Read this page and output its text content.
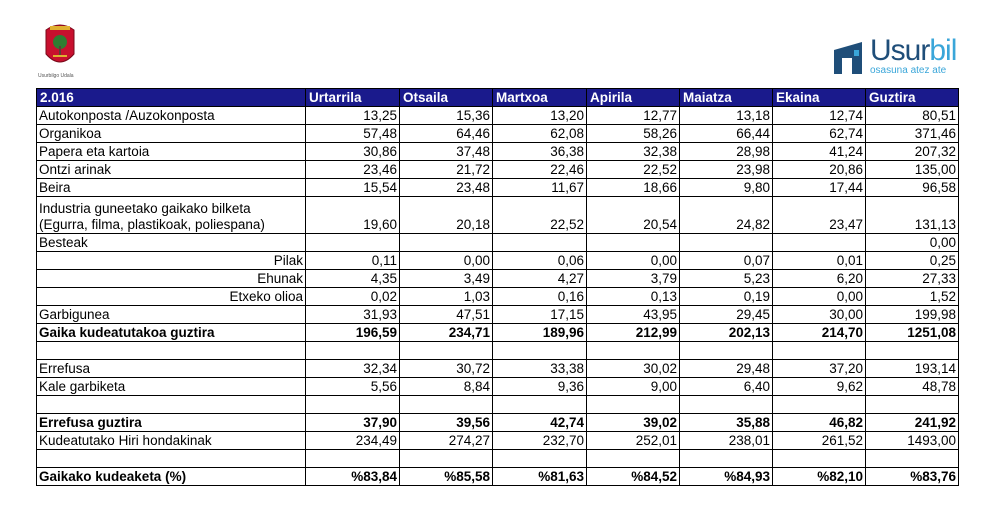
Usurbilgo Udala
Usurbil
osasuna atez ate
2.016	Urtarrila	Otsaila	Martxoa	Apirila	Maiatza	Ekaina	Guztira
Autokonposta /Auzokonposta	13,25	15,36	13,20	12,77	13,18	12,74	80,51
Organikoa	57,48	64,46	62,08	58,26	66,44	62,74	371,46
Papera eta kartoia	30,86	37,48	36,38	32,38	28,98	41,24	207,32
Ontzi arinak	23,46	21,72	22,46	22,52	23,98	20,86	135,00
Beira	15,54	23,48	11,67	18,66	9,80	17,44	96,58
Industria guneetako gaikako bilketa (Egurra, filma, plastikoak, poliespana)	19,60	20,18	22,52	20,54	24,82	23,47	131,13
Besteak							0,00
Pilak	0,11	0,00	0,06	0,00	0,07	0,01	0,25
Ehunak	4,35	3,49	4,27	3,79	5,23	6,20	27,33
Etxeko olioa	0,02	1,03	0,16	0,13	0,19	0,00	1,52
Garbigunea	31,93	47,51	17,15	43,95	29,45	30,00	199,98
Gaika kudeatutakoa guztira	196,59	234,71	189,96	212,99	202,13	214,70	1251,08

Errefusa	32,34	30,72	33,38	30,02	29,48	37,20	193,14
Kale garbiketa	5,56	8,84	9,36	9,00	6,40	9,62	48,78

Errefusa guztira	37,90	39,56	42,74	39,02	35,88	46,82	241,92
Kudeatutako Hiri hondakinak	234,49	274,27	232,70	252,01	238,01	261,52	1493,00

Gaikako kudeaketa (%)	%83,84	%85,58	%81,63	%84,52	%84,93	%82,10	%83,76
